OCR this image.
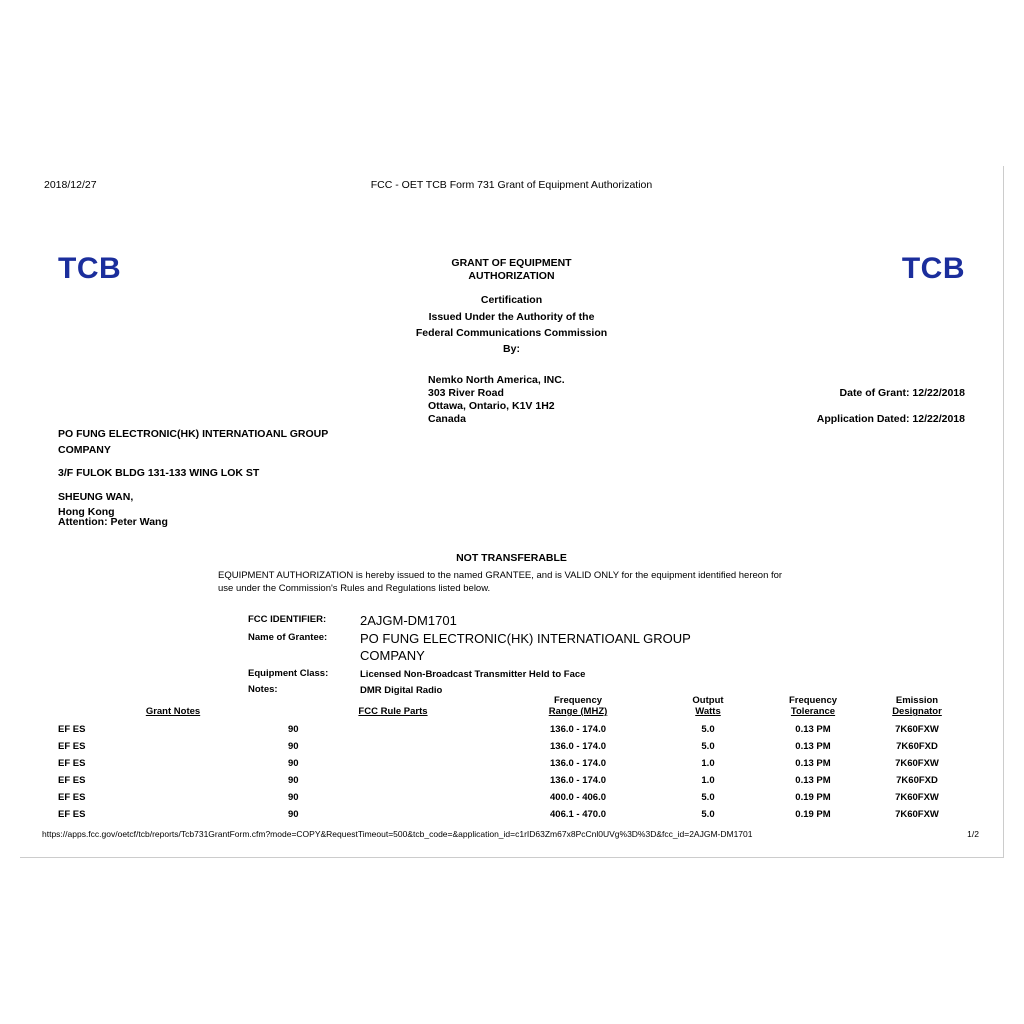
2018/12/27	FCC - OET TCB Form 731 Grant of Equipment Authorization
TCB	TCB
GRANT OF EQUIPMENT
AUTHORIZATION
Certification
Issued Under the Authority of the
Federal Communications Commission
By:
Nemko North America, INC.
303 River Road
Ottawa, Ontario, K1V 1H2
Canada
Date of Grant: 12/22/2018
Application Dated: 12/22/2018
PO FUNG ELECTRONIC(HK) INTERNATIOANL GROUP
COMPANY
3/F FULOK BLDG 131-133 WING LOK ST
SHEUNG WAN,
Hong Kong
Attention: Peter Wang
NOT TRANSFERABLE
EQUIPMENT AUTHORIZATION is hereby issued to the named GRANTEE, and is VALID ONLY for the equipment identified hereon for use under the Commission's Rules and Regulations listed below.
FCC IDENTIFIER:	2AJGM-DM1701
Name of Grantee:	PO FUNG ELECTRONIC(HK) INTERNATIOANL GROUP
COMPANY
Equipment Class:	Licensed Non-Broadcast Transmitter Held to Face
Notes:	DMR Digital Radio
		Frequency	Output	Frequency	Emission
Grant Notes	FCC Rule Parts	Range (MHZ)	Watts	Tolerance	Designator
EF ES	90	136.0 - 174.0	5.0	0.13 PM	7K60FXW
EF ES	90	136.0 - 174.0	5.0	0.13 PM	7K60FXD
EF ES	90	136.0 - 174.0	1.0	0.13 PM	7K60FXW
EF ES	90	136.0 - 174.0	1.0	0.13 PM	7K60FXD
EF ES	90	400.0 - 406.0	5.0	0.19 PM	7K60FXW
EF ES	90	406.1 - 470.0	5.0	0.19 PM	7K60FXW
https://apps.fcc.gov/oetcf/tcb/reports/Tcb731GrantForm.cfm?mode=COPY&RequestTimeout=500&tcb_code=&application_id=c1rID63Zm67x8PcCnl0UVg%3D%3D&fcc_id=2AJGM-DM1701	1/2
